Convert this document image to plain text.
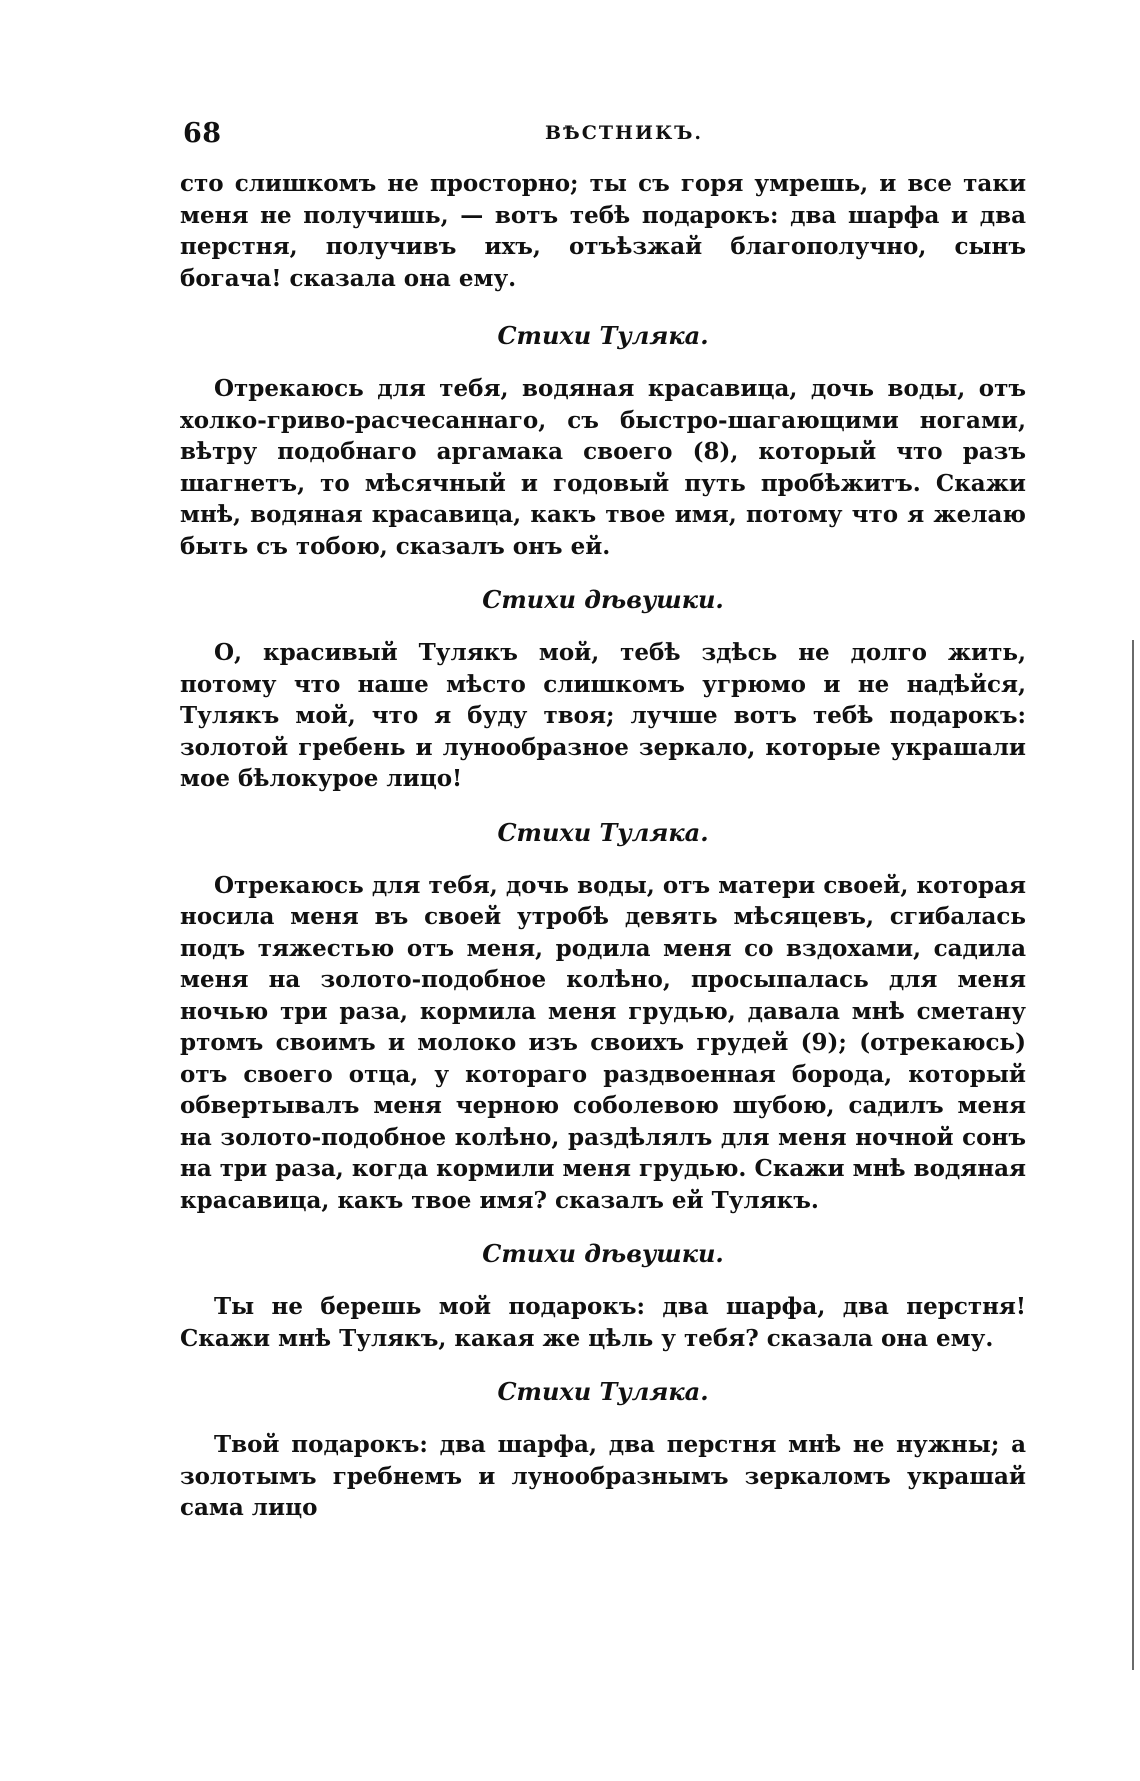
68	ВѢСТНИКЪ.

сто слишкомъ не просторно; ты съ горя умрешь, и все таки меня не получишь, — вотъ тебѣ подарокъ: два шарфа и два перстня, получивъ ихъ, отъѣзжай благополучно, сынъ богача! сказала она ему.

Стихи Туляка.

Отрекаюсь для тебя, водяная красавица, дочь воды, отъ холко-гриво-расчесаннаго, съ быстро-шагающими ногами, вѣтру подобнаго аргамака своего (8), который что разъ шагнетъ, то мѣсячный и годовый путь пробѣжитъ. Скажи мнѣ, водяная красавица, какъ твое имя, потому что я желаю быть съ тобою, сказалъ онъ ей.

Стихи дѣвушки.

О, красивый Тулякъ мой, тебѣ здѣсь не долго жить, потому что наше мѣсто слишкомъ угрюмо и не надѣйся, Тулякъ мой, что я буду твоя; лучше вотъ тебѣ подарокъ: золотой гребень и лунообразное зеркало, которые украшали мое бѣлокурое лицо!

Стихи Туляка.

Отрекаюсь для тебя, дочь воды, отъ матери своей, которая носила меня въ своей утробѣ девять мѣсяцевъ, сгибалась подъ тяжестью отъ меня, родила меня со вздохами, садила меня на золото-подобное колѣно, просыпалась для меня ночью три раза, кормила меня грудью, давала мнѣ сметану ртомъ своимъ и молоко изъ своихъ грудей (9); (отрекаюсь) отъ своего отца, у котораго раздвоенная борода, который обвертывалъ меня черною соболевою шубою, садилъ меня на золото-подобное колѣно, раздѣлялъ для меня ночной сонъ на три раза, когда кормили меня грудью. Скажи мнѣ водяная красавица, какъ твое имя? сказалъ ей Тулякъ.

Стихи дѣвушки.

Ты не берешь мой подарокъ: два шарфа, два перстня! Скажи мнѣ Тулякъ, какая же цѣль у тебя? сказала она ему.

Стихи Туляка.

Твой подарокъ: два шарфа, два перстня мнѣ не нужны; а золотымъ гребнемъ и лунообразнымъ зеркаломъ украшай сама лицо
